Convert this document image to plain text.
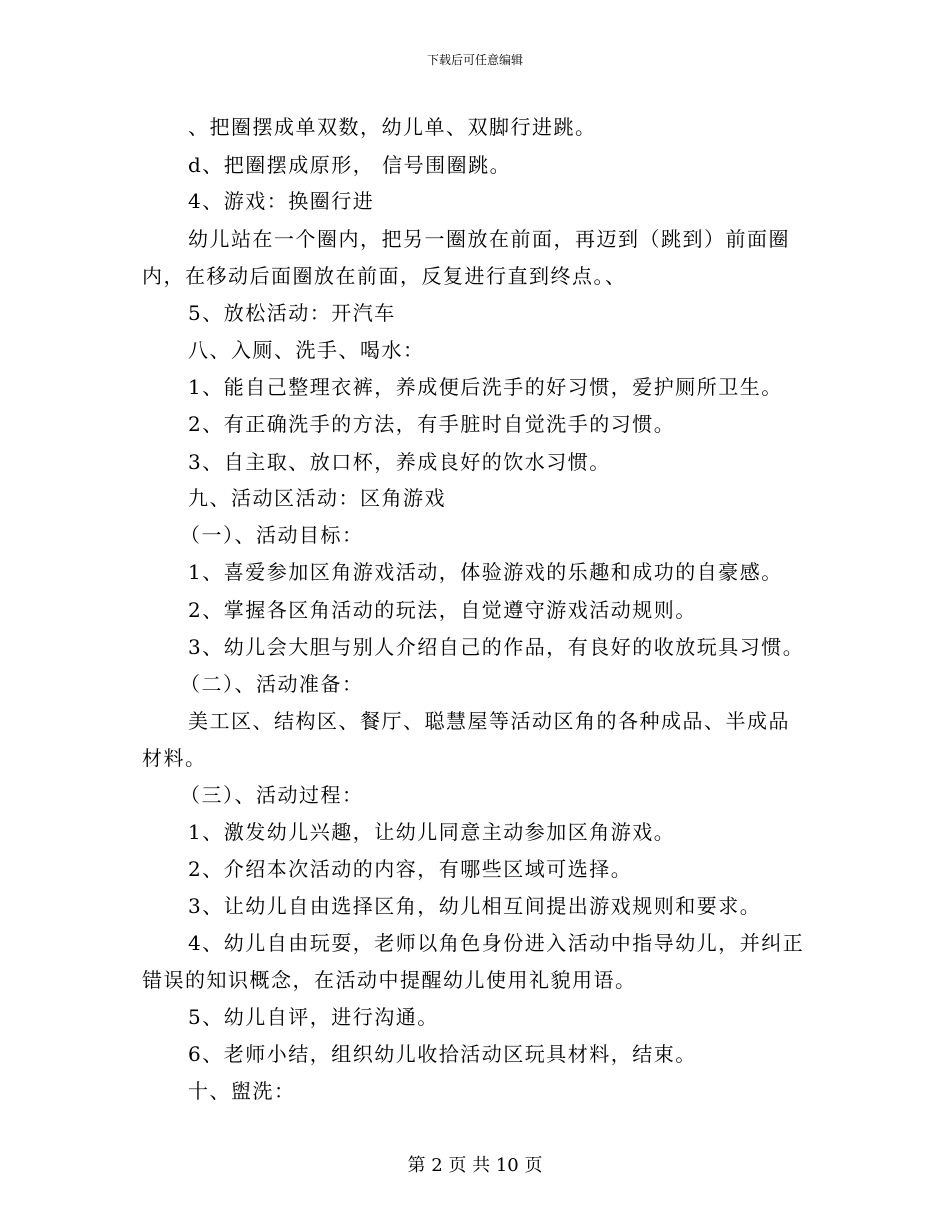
下载后可任意编辑
、把圈摆成单双数，幼儿单、双脚行进跳。
d、把圈摆成原形， 信号围圈跳。
4、游戏：换圈行进
幼儿站在一个圈内，把另一圈放在前面，再迈到（跳到）前面圈
内，在移动后面圈放在前面，反复进行直到终点。、
5、放松活动：开汽车
八、入厕、洗手、喝水：
1、能自己整理衣裤，养成便后洗手的好习惯，爱护厕所卫生。
2、有正确洗手的方法，有手脏时自觉洗手的习惯。
3、自主取、放口杯，养成良好的饮水习惯。
九、活动区活动：区角游戏
（一）、活动目标：
1、喜爱参加区角游戏活动，体验游戏的乐趣和成功的自豪感。
2、掌握各区角活动的玩法，自觉遵守游戏活动规则。
3、幼儿会大胆与别人介绍自己的作品，有良好的收放玩具习惯。
（二）、活动准备：
美工区、结构区、餐厅、聪慧屋等活动区角的各种成品、半成品
材料。
（三）、活动过程：
1、激发幼儿兴趣，让幼儿同意主动参加区角游戏。
2、介绍本次活动的内容，有哪些区域可选择。
3、让幼儿自由选择区角，幼儿相互间提出游戏规则和要求。
4、幼儿自由玩耍，老师以角色身份进入活动中指导幼儿，并纠正
错误的知识概念，在活动中提醒幼儿使用礼貌用语。
5、幼儿自评，进行沟通。
6、老师小结，组织幼儿收拾活动区玩具材料，结束。
十、盥洗：
第 2 页 共 10 页
